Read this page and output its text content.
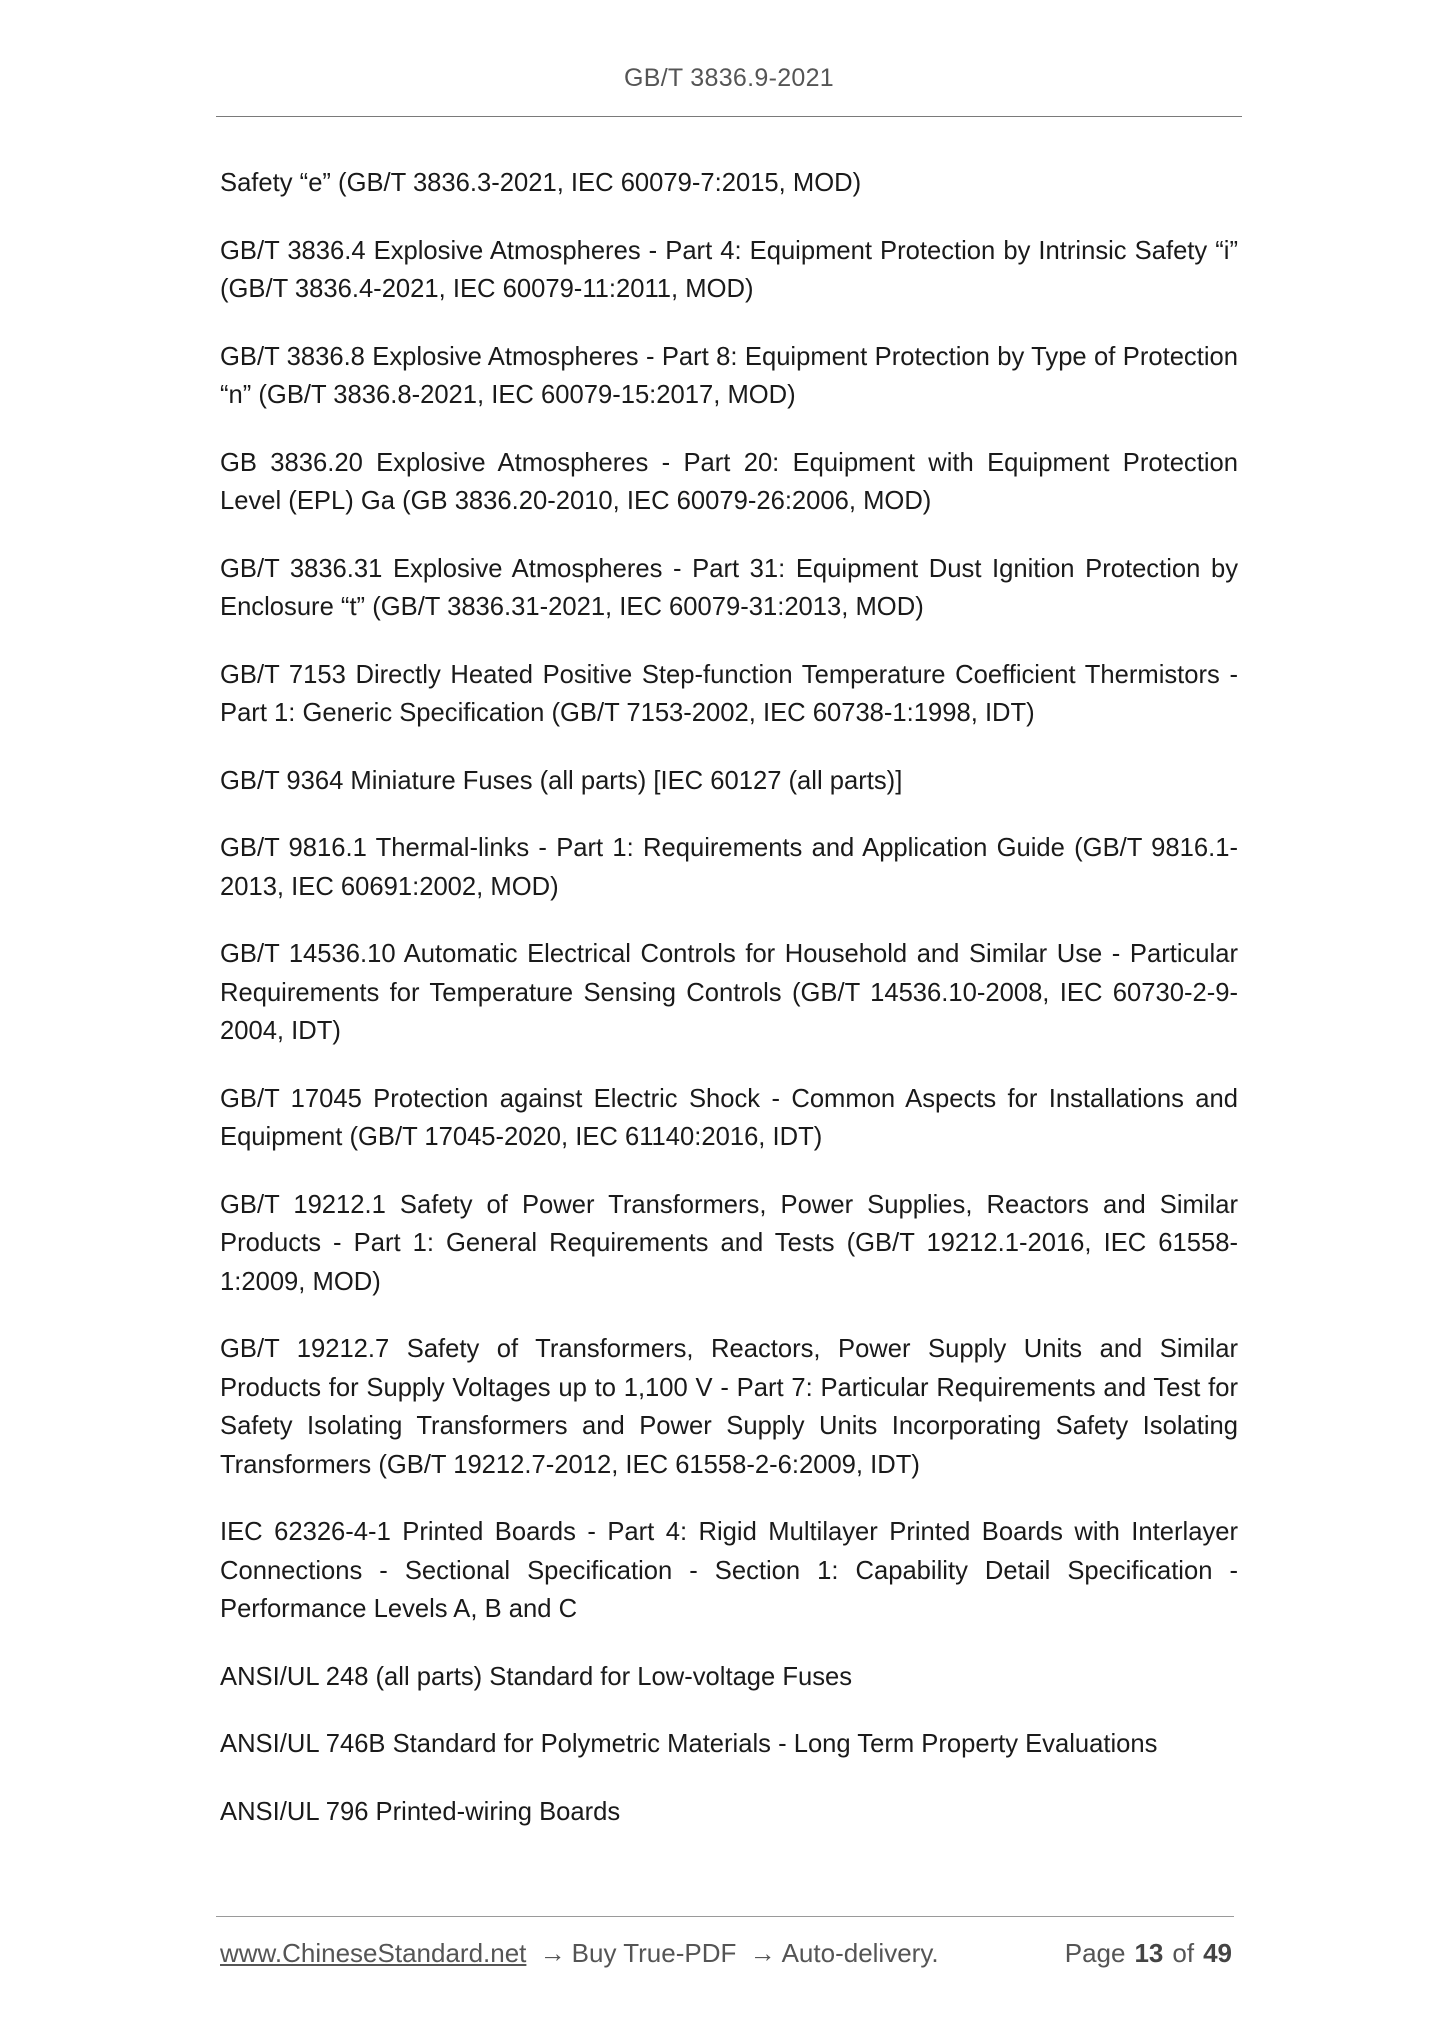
GB/T 3836.9-2021

Safety “e” (GB/T 3836.3-2021, IEC 60079-7:2015, MOD)

GB/T 3836.4 Explosive Atmospheres - Part 4: Equipment Protection by Intrinsic Safety “i” (GB/T 3836.4-2021, IEC 60079-11:2011, MOD)

GB/T 3836.8 Explosive Atmospheres - Part 8: Equipment Protection by Type of Protection “n” (GB/T 3836.8-2021, IEC 60079-15:2017, MOD)

GB 3836.20 Explosive Atmospheres - Part 20: Equipment with Equipment Protection Level (EPL) Ga (GB 3836.20-2010, IEC 60079-26:2006, MOD)

GB/T 3836.31 Explosive Atmospheres - Part 31: Equipment Dust Ignition Protection by Enclosure “t” (GB/T 3836.31-2021, IEC 60079-31:2013, MOD)

GB/T 7153 Directly Heated Positive Step-function Temperature Coefficient Thermistors - Part 1: Generic Specification (GB/T 7153-2002, IEC 60738-1:1998, IDT)

GB/T 9364 Miniature Fuses (all parts) [IEC 60127 (all parts)]

GB/T 9816.1 Thermal-links - Part 1: Requirements and Application Guide (GB/T 9816.1-2013, IEC 60691:2002, MOD)

GB/T 14536.10 Automatic Electrical Controls for Household and Similar Use - Particular Requirements for Temperature Sensing Controls (GB/T 14536.10-2008, IEC 60730-2-9-2004, IDT)

GB/T 17045 Protection against Electric Shock - Common Aspects for Installations and Equipment (GB/T 17045-2020, IEC 61140:2016, IDT)

GB/T 19212.1 Safety of Power Transformers, Power Supplies, Reactors and Similar Products - Part 1: General Requirements and Tests (GB/T 19212.1-2016, IEC 61558-1:2009, MOD)

GB/T 19212.7 Safety of Transformers, Reactors, Power Supply Units and Similar Products for Supply Voltages up to 1,100 V - Part 7: Particular Requirements and Test for Safety Isolating Transformers and Power Supply Units Incorporating Safety Isolating Transformers (GB/T 19212.7-2012, IEC 61558-2-6:2009, IDT)

IEC 62326-4-1 Printed Boards - Part 4: Rigid Multilayer Printed Boards with Interlayer Connections - Sectional Specification - Section 1: Capability Detail Specification - Performance Levels A, B and C

ANSI/UL 248 (all parts) Standard for Low-voltage Fuses

ANSI/UL 746B Standard for Polymetric Materials - Long Term Property Evaluations

ANSI/UL 796 Printed-wiring Boards

www.ChineseStandard.net → Buy True-PDF → Auto-delivery.	Page 13 of 49
